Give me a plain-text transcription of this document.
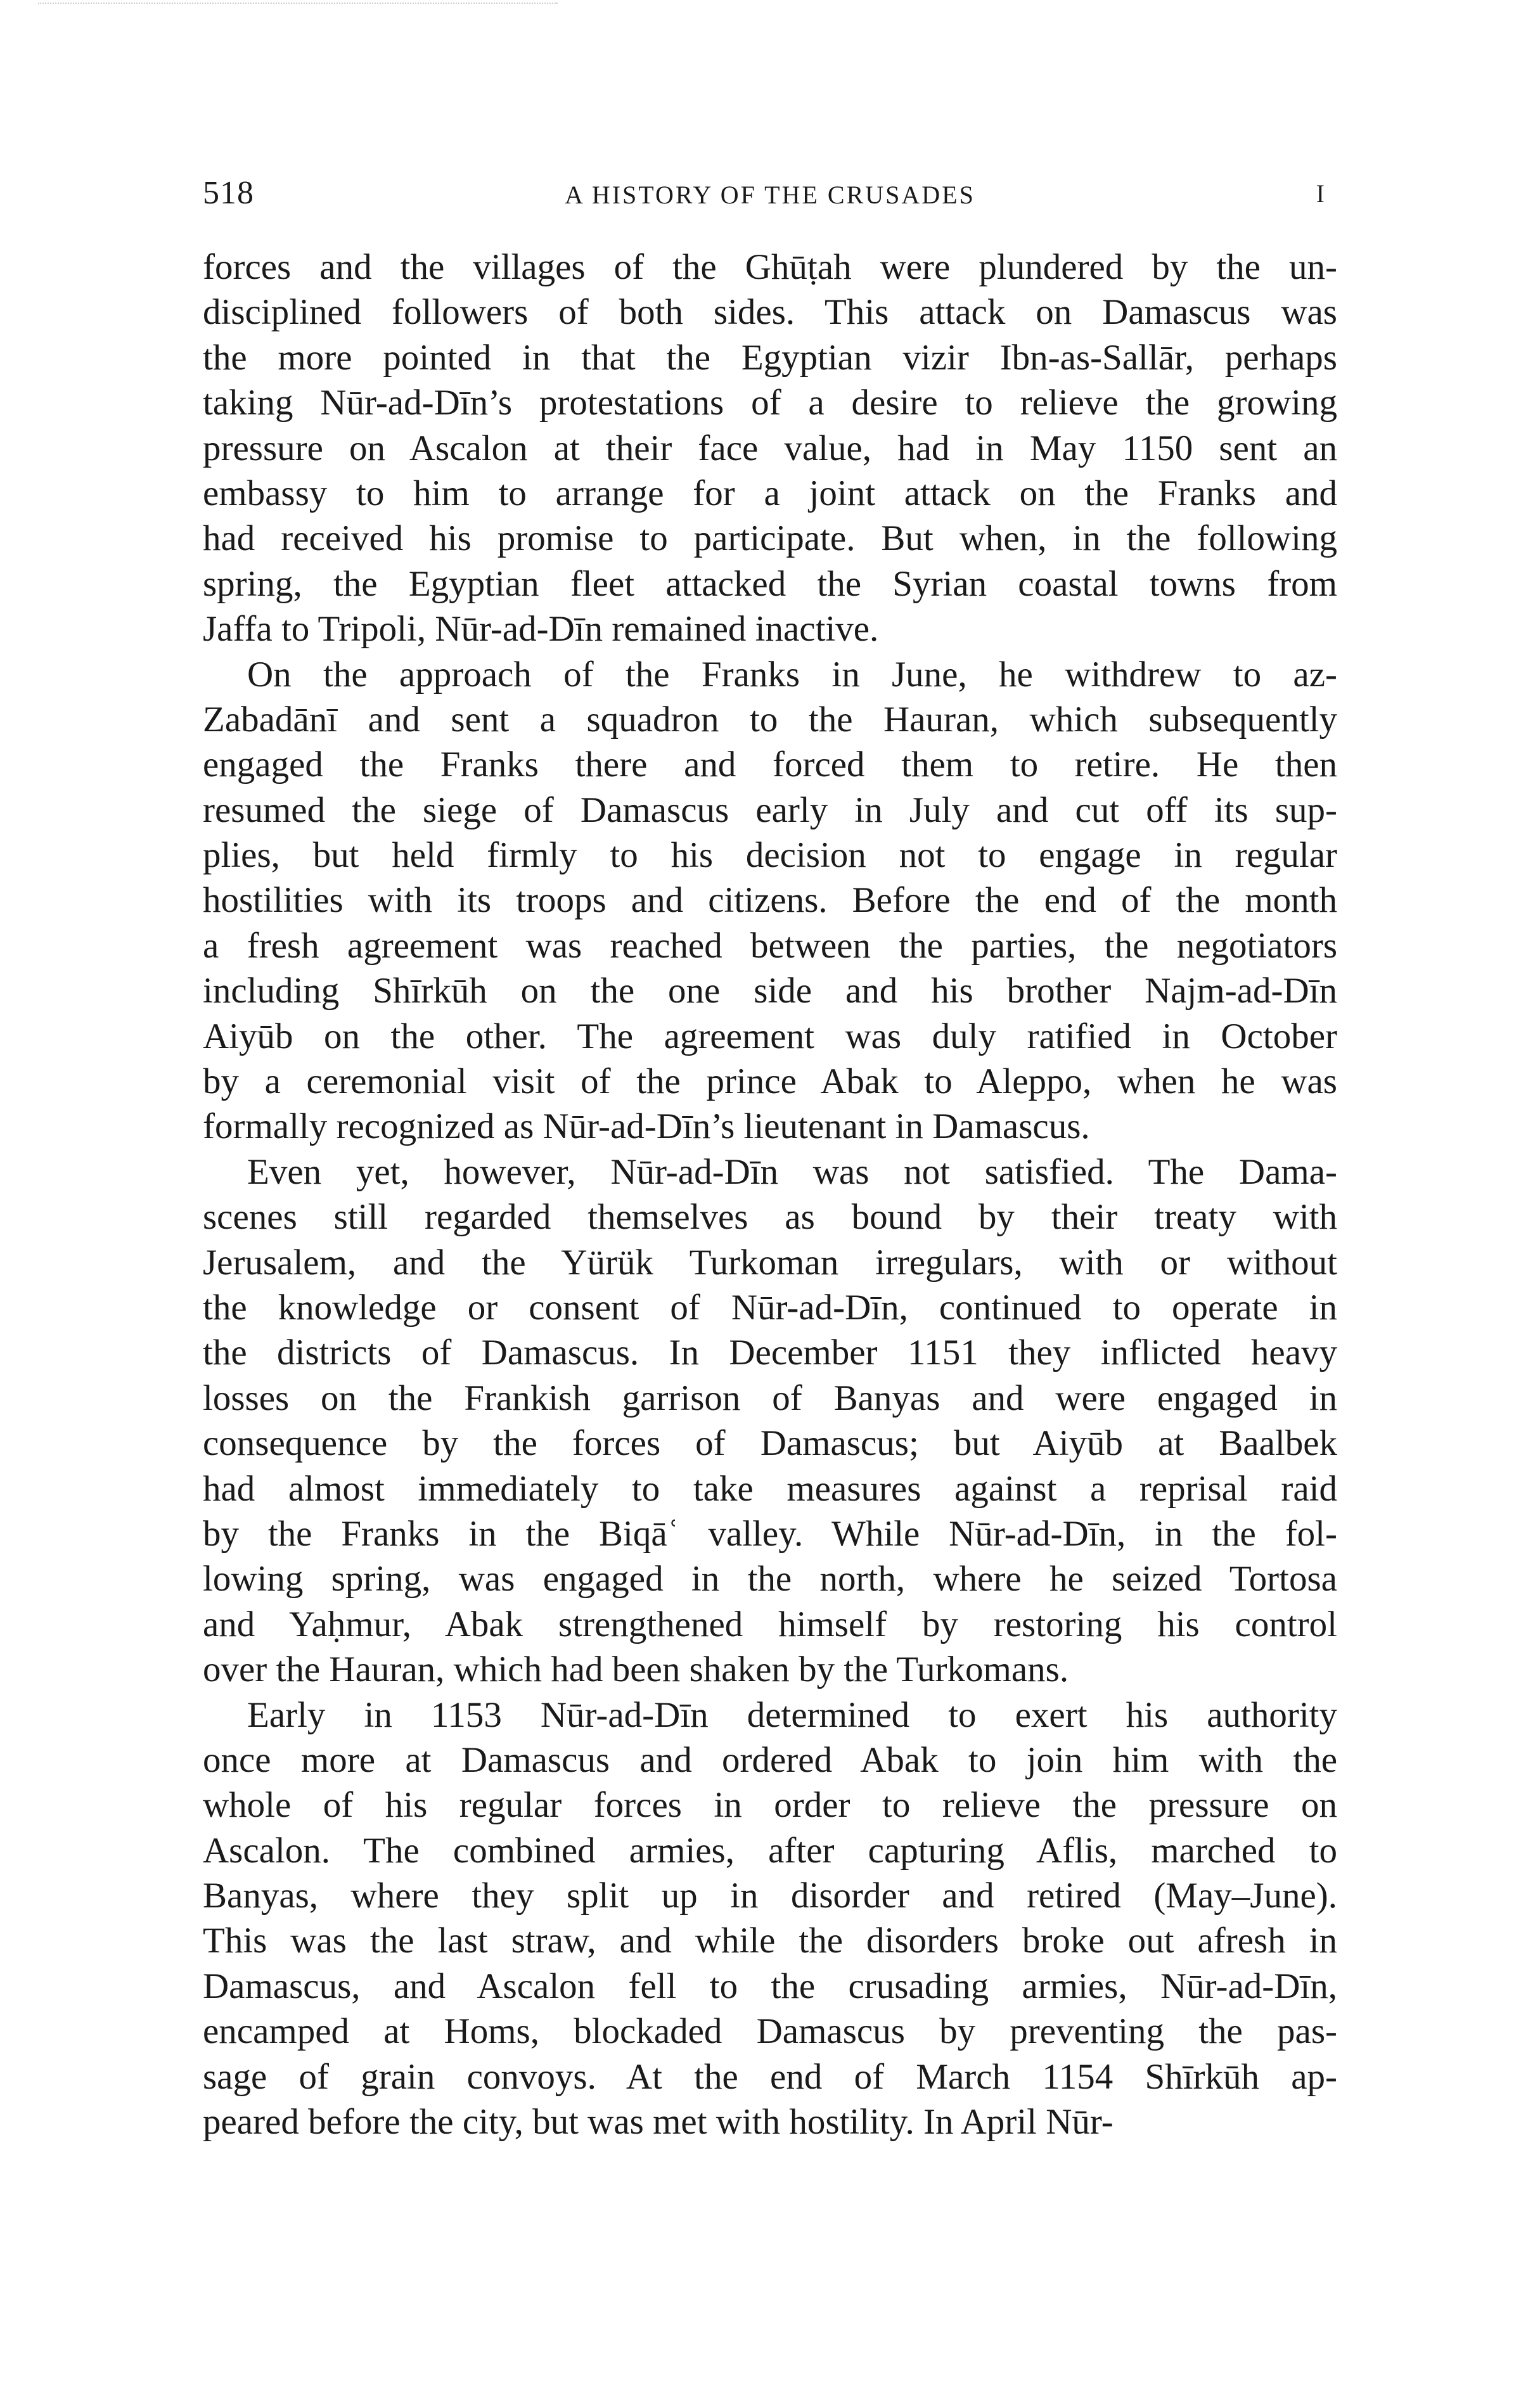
518	A HISTORY OF THE CRUSADES	I
forces and the villages of the Ghūṭah were plundered by the un-
disciplined followers of both sides. This attack on Damascus was
the more pointed in that the Egyptian vizir Ibn-as-Sallār, perhaps
taking Nūr-ad-Dīn’s protestations of a desire to relieve the growing
pressure on Ascalon at their face value, had in May 1150 sent an
embassy to him to arrange for a joint attack on the Franks and
had received his promise to participate. But when, in the following
spring, the Egyptian fleet attacked the Syrian coastal towns from
Jaffa to Tripoli, Nūr-ad-Dīn remained inactive.
On the approach of the Franks in June, he withdrew to az-
Zabadānī and sent a squadron to the Hauran, which subsequently
engaged the Franks there and forced them to retire. He then
resumed the siege of Damascus early in July and cut off its sup-
plies, but held firmly to his decision not to engage in regular
hostilities with its troops and citizens. Before the end of the month
a fresh agreement was reached between the parties, the negotiators
including Shīrkūh on the one side and his brother Najm-ad-Dīn
Aiyūb on the other. The agreement was duly ratified in October
by a ceremonial visit of the prince Abak to Aleppo, when he was
formally recognized as Nūr-ad-Dīn’s lieutenant in Damascus.
Even yet, however, Nūr-ad-Dīn was not satisfied. The Dama-
scenes still regarded themselves as bound by their treaty with
Jerusalem, and the Yürük Turkoman irregulars, with or without
the knowledge or consent of Nūr-ad-Dīn, continued to operate in
the districts of Damascus. In December 1151 they inflicted heavy
losses on the Frankish garrison of Banyas and were engaged in
consequence by the forces of Damascus; but Aiyūb at Baalbek
had almost immediately to take measures against a reprisal raid
by the Franks in the Biqāʿ valley. While Nūr-ad-Dīn, in the fol-
lowing spring, was engaged in the north, where he seized Tortosa
and Yaḥmur, Abak strengthened himself by restoring his control
over the Hauran, which had been shaken by the Turkomans.
Early in 1153 Nūr-ad-Dīn determined to exert his authority
once more at Damascus and ordered Abak to join him with the
whole of his regular forces in order to relieve the pressure on
Ascalon. The combined armies, after capturing Aflis, marched to
Banyas, where they split up in disorder and retired (May–June).
This was the last straw, and while the disorders broke out afresh in
Damascus, and Ascalon fell to the crusading armies, Nūr-ad-Dīn,
encamped at Homs, blockaded Damascus by preventing the pas-
sage of grain convoys. At the end of March 1154 Shīrkūh ap-
peared before the city, but was met with hostility. In April Nūr-
